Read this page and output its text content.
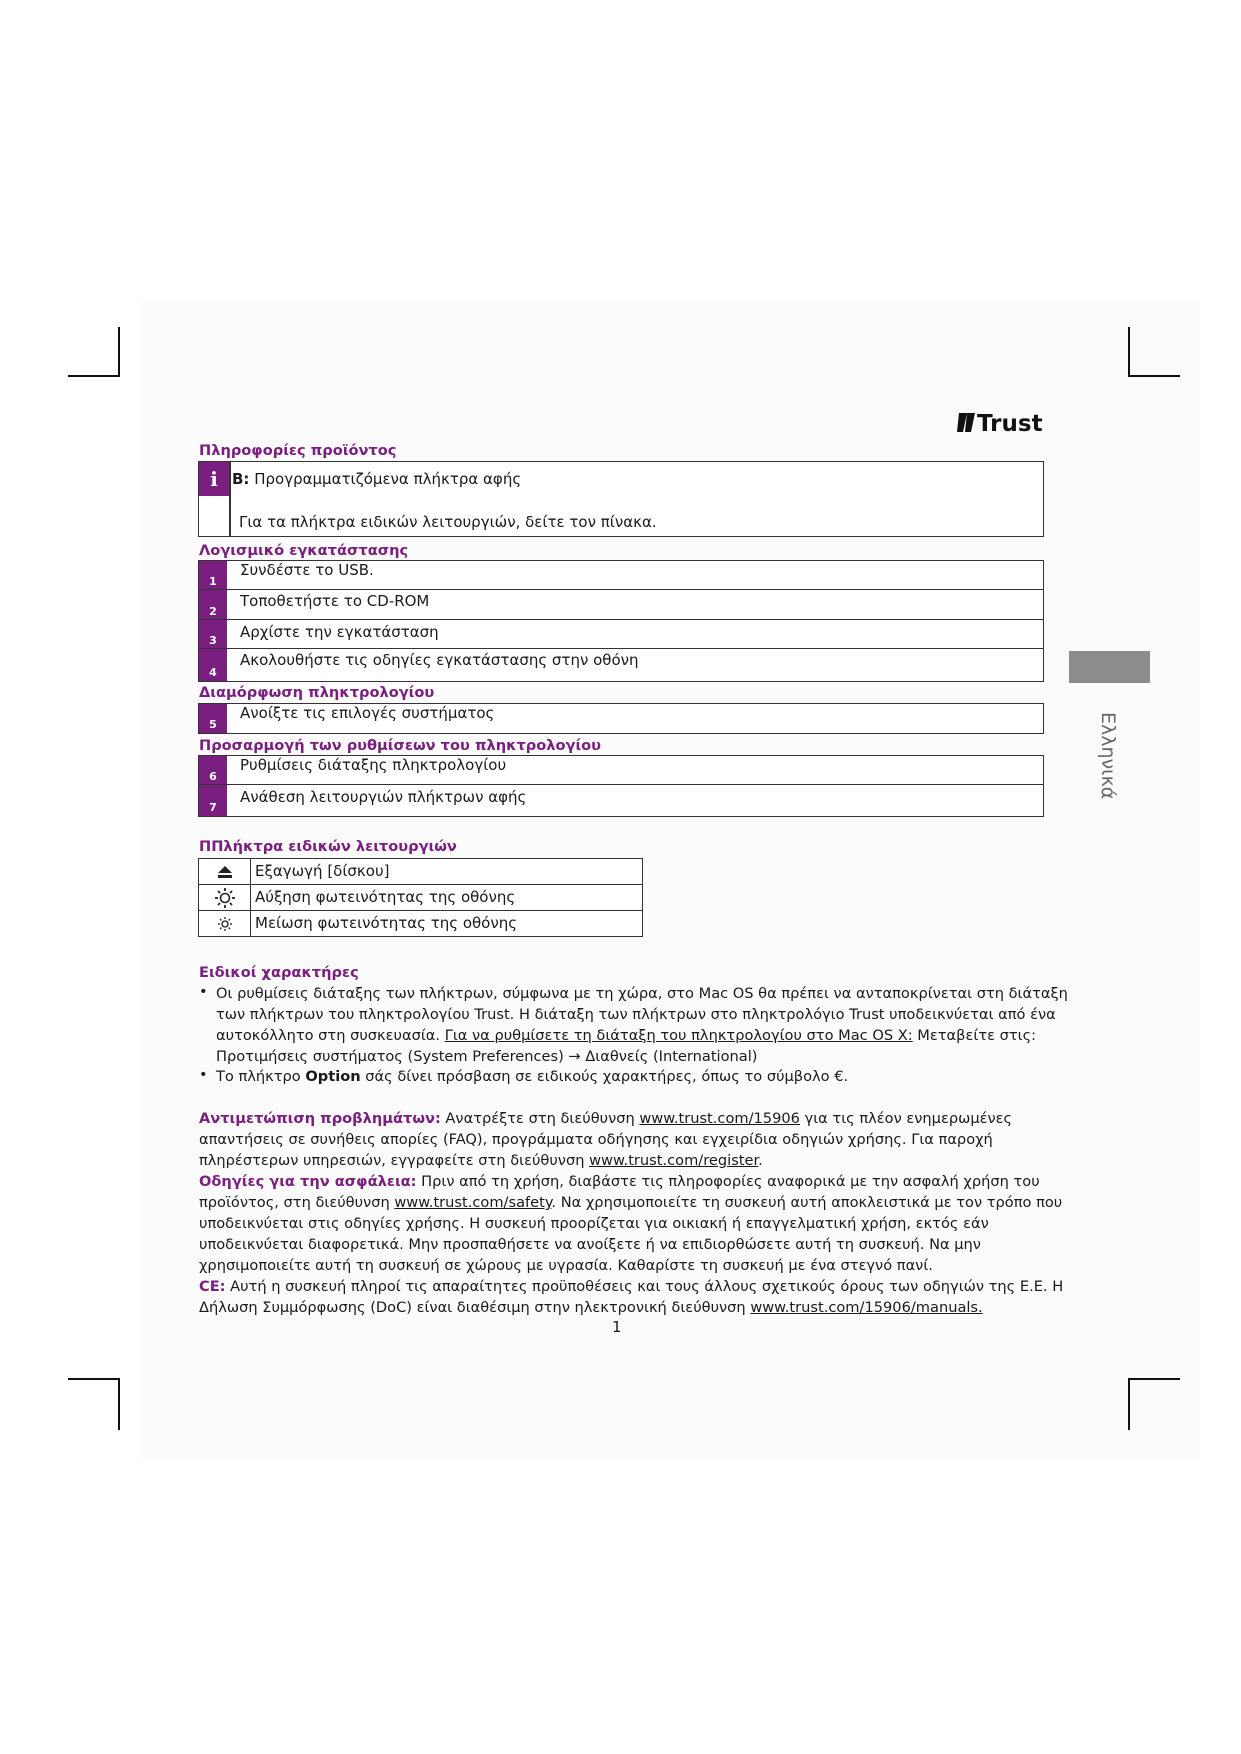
Trust
Ελληνικά
Πληροφορίες προϊόντος
i B: Προγραμματιζόμενα πλήκτρα αφής
Για τα πλήκτρα ειδικών λειτουργιών, δείτε τον πίνακα.
Λογισμικό εγκατάστασης
1
Συνδέστε το USB.
2
Τοποθετήστε το CD-ROM
3	Αρχίστε την εγκατάσταση
4
Ακολουθήστε τις οδηγίες εγκατάστασης στην οθόνη
Διαμόρφωση πληκτρολογίου
5
Ανοίξτε τις επιλογές συστήματος
Προσαρμογή των ρυθμίσεων του πληκτρολογίου
6
Ρυθμίσεις διάταξης πληκτρολογίου
7
Ανάθεση λειτουργιών πλήκτρων αφής
ΠΠλήκτρα ειδικών λειτουργιών
Εξαγωγή [δίσκου]
Αύξηση φωτεινότητας της οθόνης
Μείωση φωτεινότητας της οθόνης
Ειδικοί χαρακτήρες
• Οι ρυθμίσεις διάταξης των πλήκτρων, σύμφωνα με τη χώρα, στο Mac OS θα πρέπει να ανταποκρίνεται στη διάταξη
των πλήκτρων του πληκτρολογίου Trust. Η διάταξη των πλήκτρων στο πληκτρολόγιο Trust υποδεικνύεται από ένα
αυτοκόλλητο στη συσκευασία. Για να ρυθμίσετε τη διάταξη του πληκτρολογίου στο Mac OS X: Μεταβείτε στις:
Προτιμήσεις συστήματος (System Preferences) → Διαθνείς (International)
• Το πλήκτρο Option σάς δίνει πρόσβαση σε ειδικούς χαρακτήρες, όπως το σύμβολο €.
Αντιμετώπιση προβλημάτων: Ανατρέξτε στη διεύθυνση www.trust.com/15906 για τις πλέον ενημερωμένες
απαντήσεις σε συνήθεις απορίες (FAQ), προγράμματα οδήγησης και εγχειρίδια οδηγιών χρήσης. Για παροχή
πληρέστερων υπηρεσιών, εγγραφείτε στη διεύθυνση www.trust.com/register.
Οδηγίες για την ασφάλεια: Πριν από τη χρήση, διαβάστε τις πληροφορίες αναφορικά με την ασφαλή χρήση του
προϊόντος, στη διεύθυνση www.trust.com/safety. Να χρησιμοποιείτε τη συσκευή αυτή αποκλειστικά με τον τρόπο που
υποδεικνύεται στις οδηγίες χρήσης. Η συσκευή προορίζεται για οικιακή ή επαγγελματική χρήση, εκτός εάν
υποδεικνύεται διαφορετικά. Μην προσπαθήσετε να ανοίξετε ή να επιδιορθώσετε αυτή τη συσκευή. Να μην
χρησιμοποιείτε αυτή τη συσκευή σε χώρους με υγρασία. Καθαρίστε τη συσκευή με ένα στεγνό πανί.
CE: Αυτή η συσκευή πληροί τις απαραίτητες προϋποθέσεις και τους άλλους σχετικούς όρους των οδηγιών της Ε.Ε. Η
Δήλωση Συμμόρφωσης (DoC) είναι διαθέσιμη στην ηλεκτρονική διεύθυνση www.trust.com/15906/manuals.
1
